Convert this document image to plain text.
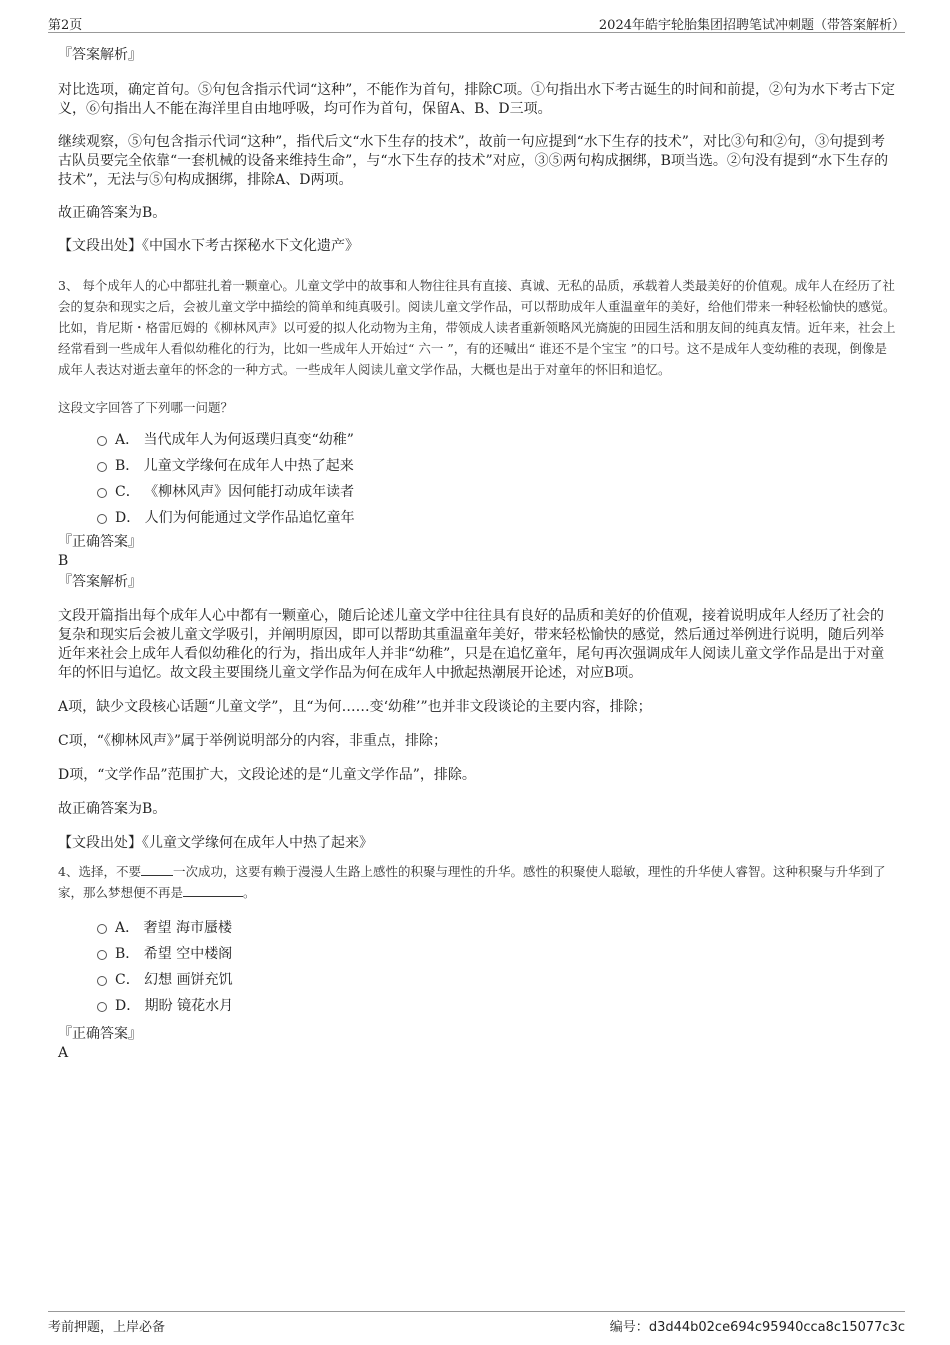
第2页	2024年皓宇轮胎集团招聘笔试冲刺题（带答案解析）

『答案解析』

对比选项，确定首句。⑤句包含指示代词“这种”，不能作为首句，排除C项。①句指出水下考古诞生的时间和前提，②句为水下考古下定义，⑥句指出人不能在海洋里自由地呼吸，均可作为首句，保留A、B、D三项。

继续观察，⑤句包含指示代词“这种”，指代后文“水下生存的技术”，故前一句应提到“水下生存的技术”，对比③句和②句，③句提到考古队员要完全依靠“一套机械的设备来维持生命”，与“水下生存的技术”对应，③⑤两句构成捆绑，B项当选。②句没有提到“水下生存的技术”，无法与⑤句构成捆绑，排除A、D两项。

故正确答案为B。

【文段出处】《中国水下考古探秘水下文化遗产》

3、 每个成年人的心中都驻扎着一颗童心。儿童文学中的故事和人物往往具有直接、真诚、无私的品质，承载着人类最美好的价值观。成年人在经历了社会的复杂和现实之后，会被儿童文学中描绘的简单和纯真吸引。阅读儿童文学作品，可以帮助成年人重温童年的美好，给他们带来一种轻松愉快的感觉。比如，肯尼斯・格雷厄姆的《柳林风声》以可爱的拟人化动物为主角，带领成人读者重新领略风光旖旎的田园生活和朋友间的纯真友情。近年来，社会上经常看到一些成年人看似幼稚化的行为，比如一些成年人开始过“ 六一 ”，有的还喊出“ 谁还不是个宝宝 ”的口号。这不是成年人变幼稚的表现，倒像是成年人表达对逝去童年的怀念的一种方式。一些成年人阅读儿童文学作品，大概也是出于对童年的怀旧和追忆。

这段文字回答了下列哪一问题？

A． 当代成年人为何返璞归真变“幼稚”
B． 儿童文学缘何在成年人中热了起来
C． 《柳林风声》因何能打动成年读者
D． 人们为何能通过文学作品追忆童年

『正确答案』

B

『答案解析』

文段开篇指出每个成年人心中都有一颗童心，随后论述儿童文学中往往具有良好的品质和美好的价值观，接着说明成年人经历了社会的复杂和现实后会被儿童文学吸引，并阐明原因，即可以帮助其重温童年美好，带来轻松愉快的感觉，然后通过举例进行说明，随后列举近年来社会上成年人看似幼稚化的行为，指出成年人并非“幼稚”，只是在追忆童年，尾句再次强调成年人阅读儿童文学作品是出于对童年的怀旧与追忆。故文段主要围绕儿童文学作品为何在成年人中掀起热潮展开论述，对应B项。

A项，缺少文段核心话题“儿童文学”，且“为何……变‘幼稚’”也并非文段谈论的主要内容，排除；

C项，“《柳林风声》”属于举例说明部分的内容，非重点，排除；

D项，“文学作品”范围扩大，文段论述的是“儿童文学作品”，排除。

故正确答案为B。

【文段出处】《儿童文学缘何在成年人中热了起来》

4、选择，不要	一次成功，这要有赖于漫漫人生路上感性的积聚与理性的升华。感性的积聚使人聪敏，理性的升华使人睿智。这种积聚与升华到了家，那么梦想便不再是	。

A． 奢望 海市蜃楼
B． 希望 空中楼阁
C． 幻想 画饼充饥
D． 期盼 镜花水月

『正确答案』

A

考前押题，上岸必备	编号：d3d44b02ce694c95940cca8c15077c3c
